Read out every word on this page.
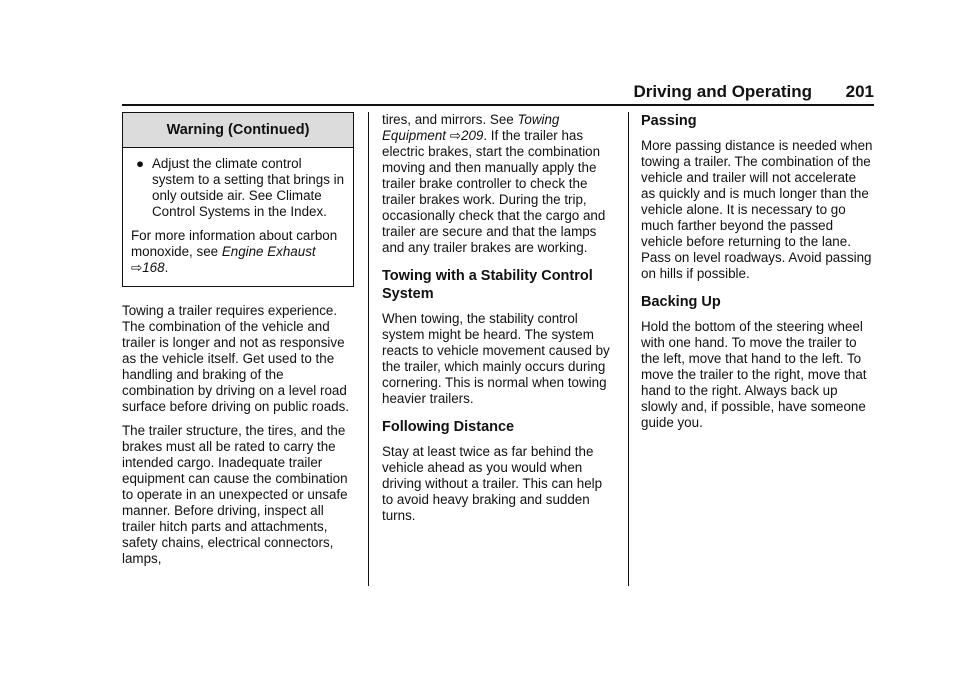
Driving and Operating 201
Warning (Continued)
● Adjust the climate control system to a setting that brings in only outside air. See Climate Control Systems in the Index.

For more information about carbon monoxide, see Engine Exhaust ⇨168.

Towing a trailer requires experience. The combination of the vehicle and trailer is longer and not as responsive as the vehicle itself. Get used to the handling and braking of the combination by driving on a level road surface before driving on public roads.

The trailer structure, the tires, and the brakes must all be rated to carry the intended cargo. Inadequate trailer equipment can cause the combination to operate in an unexpected or unsafe manner. Before driving, inspect all trailer hitch parts and attachments, safety chains, electrical connectors, lamps,

tires, and mirrors. See Towing Equipment ⇨209. If the trailer has electric brakes, start the combination moving and then manually apply the trailer brake controller to check the trailer brakes work. During the trip, occasionally check that the cargo and trailer are secure and that the lamps and any trailer brakes are working.

Towing with a Stability Control System

When towing, the stability control system might be heard. The system reacts to vehicle movement caused by the trailer, which mainly occurs during cornering. This is normal when towing heavier trailers.

Following Distance

Stay at least twice as far behind the vehicle ahead as you would when driving without a trailer. This can help to avoid heavy braking and sudden turns.

Passing

More passing distance is needed when towing a trailer. The combination of the vehicle and trailer will not accelerate as quickly and is much longer than the vehicle alone. It is necessary to go much farther beyond the passed vehicle before returning to the lane. Pass on level roadways. Avoid passing on hills if possible.

Backing Up

Hold the bottom of the steering wheel with one hand. To move the trailer to the left, move that hand to the left. To move the trailer to the right, move that hand to the right. Always back up slowly and, if possible, have someone guide you.
